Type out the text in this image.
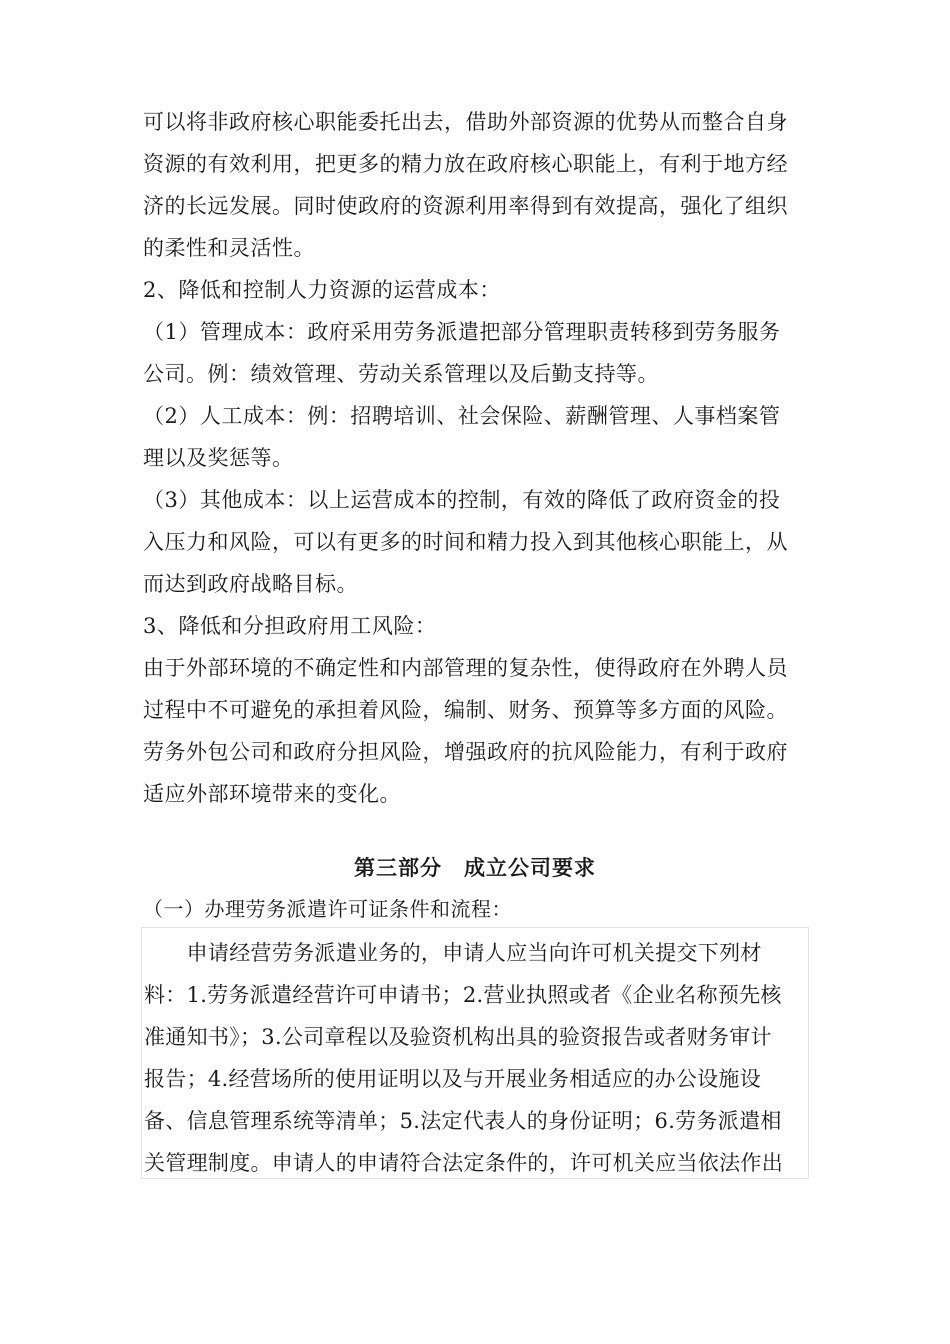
可以将非政府核心职能委托出去，借助外部资源的优势从而整合自身
资源的有效利用，把更多的精力放在政府核心职能上，有利于地方经
济的长远发展。同时使政府的资源利用率得到有效提高，强化了组织
的柔性和灵活性。
2、降低和控制人力资源的运营成本：
（1）管理成本：政府采用劳务派遣把部分管理职责转移到劳务服务
公司。例：绩效管理、劳动关系管理以及后勤支持等。
（2）人工成本：例：招聘培训、社会保险、薪酬管理、人事档案管
理以及奖惩等。
（3）其他成本：以上运营成本的控制，有效的降低了政府资金的投
入压力和风险，可以有更多的时间和精力投入到其他核心职能上，从
而达到政府战略目标。
3、降低和分担政府用工风险：
由于外部环境的不确定性和内部管理的复杂性，使得政府在外聘人员
过程中不可避免的承担着风险，编制、财务、预算等多方面的风险。
劳务外包公司和政府分担风险，增强政府的抗风险能力，有利于政府
适应外部环境带来的变化。
第三部分　成立公司要求
（一）办理劳务派遣许可证条件和流程：
　　申请经营劳务派遣业务的，申请人应当向许可机关提交下列材
料：1.劳务派遣经营许可申请书；2.营业执照或者《企业名称预先核
准通知书》；3.公司章程以及验资机构出具的验资报告或者财务审计
报告；4.经营场所的使用证明以及与开展业务相适应的办公设施设
备、信息管理系统等清单；5.法定代表人的身份证明；6.劳务派遣相
关管理制度。申请人的申请符合法定条件的，许可机关应当依法作出
